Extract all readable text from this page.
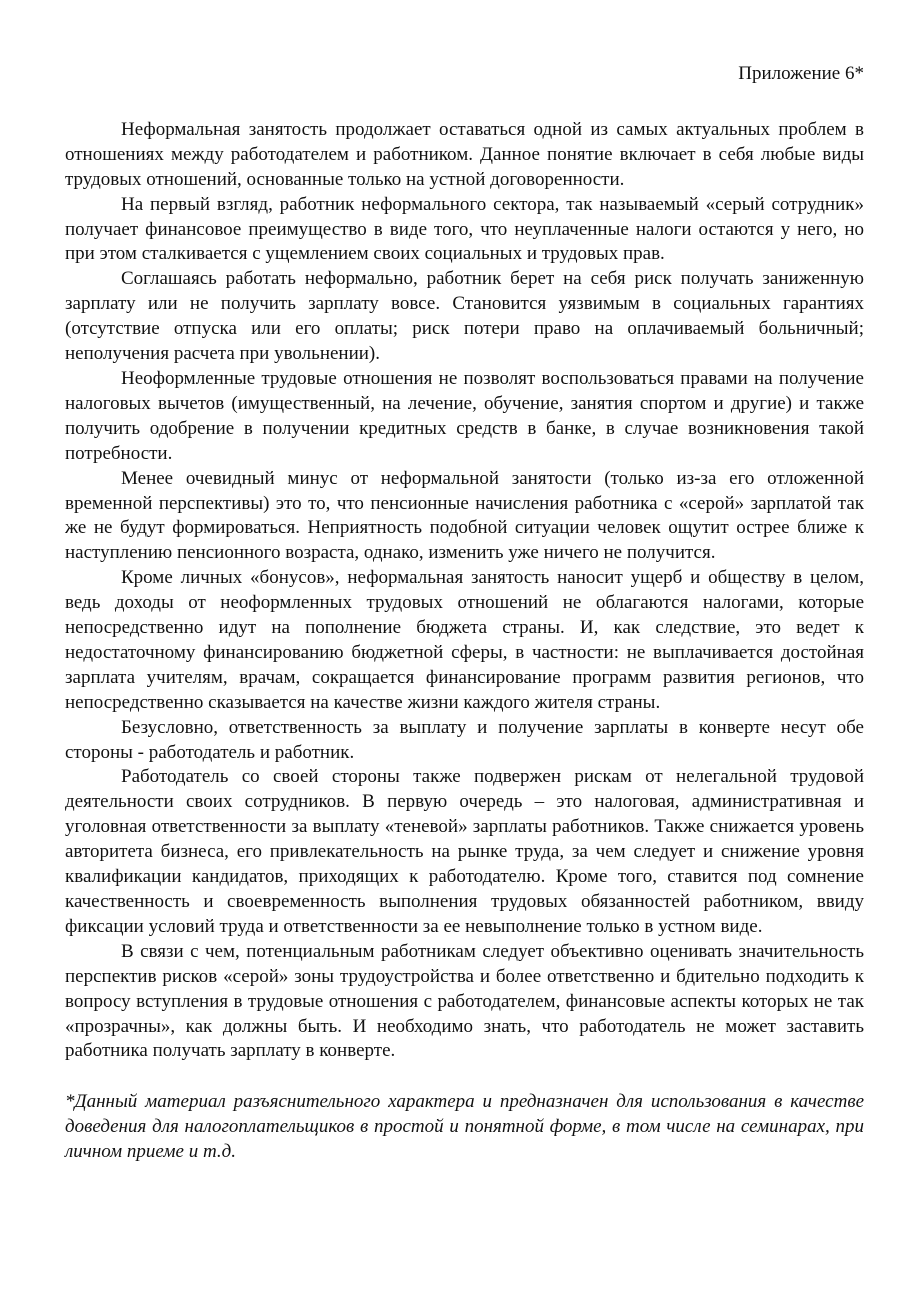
Приложение 6*

Неформальная занятость продолжает оставаться одной из самых актуальных проблем в отношениях между работодателем и работником. Данное понятие включает в себя любые виды трудовых отношений, основанные только на устной договоренности.

На первый взгляд, работник неформального сектора, так называемый «серый сотрудник» получает финансовое преимущество в виде того, что неуплаченные налоги остаются у него, но при этом сталкивается с ущемлением своих социальных и трудовых прав.

Соглашаясь работать неформально, работник берет на себя риск получать заниженную зарплату или не получить зарплату вовсе. Становится уязвимым в социальных гарантиях (отсутствие отпуска или его оплаты; риск потери право на оплачиваемый больничный; неполучения расчета при увольнении).

Неоформленные трудовые отношения не позволят воспользоваться правами на получение налоговых вычетов (имущественный, на лечение, обучение, занятия спортом и другие) и также получить одобрение в получении кредитных средств в банке, в случае возникновения такой потребности.

Менее очевидный минус от неформальной занятости (только из-за его отложенной временной перспективы) это то, что пенсионные начисления работника с «серой» зарплатой так же не будут формироваться. Неприятность подобной ситуации человек ощутит острее ближе к наступлению пенсионного возраста, однако, изменить уже ничего не получится.

Кроме личных «бонусов», неформальная занятость наносит ущерб и обществу в целом, ведь доходы от неоформленных трудовых отношений не облагаются налогами, которые непосредственно идут на пополнение бюджета страны. И, как следствие, это ведет к недостаточному финансированию бюджетной сферы, в частности: не выплачивается достойная зарплата учителям, врачам, сокращается финансирование программ развития регионов, что непосредственно сказывается на качестве жизни каждого жителя страны.

Безусловно, ответственность за выплату и получение зарплаты в конверте несут обе стороны - работодатель и работник.

Работодатель со своей стороны также подвержен рискам от нелегальной трудовой деятельности своих сотрудников. В первую очередь – это налоговая, административная и уголовная ответственности за выплату «теневой» зарплаты работников. Также снижается уровень авторитета бизнеса, его привлекательность на рынке труда, за чем следует и снижение уровня квалификации кандидатов, приходящих к работодателю. Кроме того, ставится под сомнение качественность и своевременность выполнения трудовых обязанностей работником, ввиду фиксации условий труда и ответственности за ее невыполнение только в устном виде.

В связи с чем, потенциальным работникам следует объективно оценивать значительность перспектив рисков «серой» зоны трудоустройства и более ответственно и бдительно подходить к вопросу вступления в трудовые отношения с работодателем, финансовые аспекты которых не так «прозрачны», как должны быть. И необходимо знать, что работодатель не может заставить работника получать зарплату в конверте.

*Данный материал разъяснительного характера и предназначен для использования в качестве доведения для налогоплательщиков в простой и понятной форме, в том числе на семинарах, при личном приеме и т.д.
